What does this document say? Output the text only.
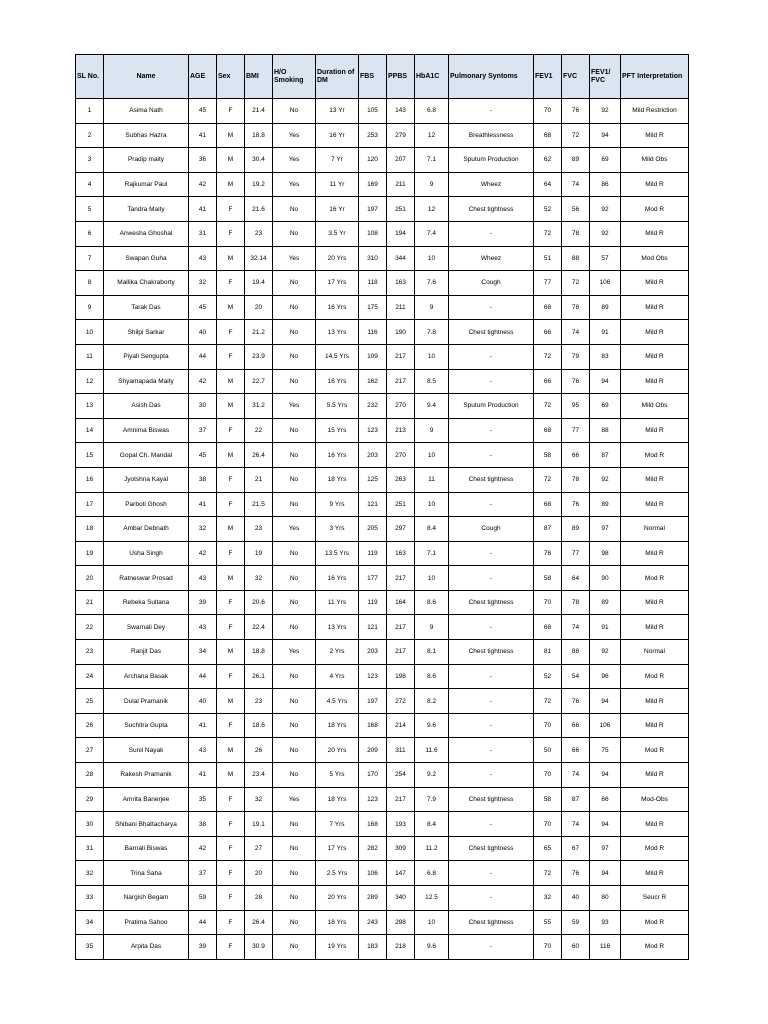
SL No.	Name	AGE	Sex	BMI	H/O Smoking	Duration of DM	FBS	PPBS	HbA1C	Pulmonary Syntoms	FEV1	FVC	FEV1/ FVC	PFT Interpretation
1	Asima Nath	45	F	21.4	No	13 Yr	105	143	6.8	-	70	76	92	Mild Restriction
2	Subhas Hazra	41	M	18.8	Yes	16 Yr	253	279	12	Breathlessness	68	72	94	Mild R
3	Pradip maity	36	M	30.4	Yes	7 Yr	120	207	7.1	Sputum Production	62	89	69	Mild Obs
4	Rajkumar Paul	42	M	19.2	Yes	11 Yr	169	211	9	Wheez	64	74	86	Mild R
5	Tandra Maity	41	F	21.6	No	16 Yr	197	251	12	Chest tightness	52	56	92	Mod R
6	Anwesha Ghoshal	31	F	23	No	3.5 Yr	108	194	7.4	-	72	78	92	Mild R
7	Swapan Guha	43	M	32.14	Yes	20 Yrs	310	344	10	Wheez	51	88	57	Mod Obs
8	Mallika Chakraborty	32	F	19.4	No	17 Yrs	118	163	7.6	Cough	77	72	106	Mild R
9	Tarak Das	45	M	20	No	16 Yrs	175	211	9	-	68	78	89	Mild R
10	Shilpi Sarkar	40	F	21.2	No	13 Yrs	116	190	7.8	Chest tightness	66	74	91	Mild R
11	Piyali Sengupta	44	F	23.9	No	14.5 Yrs	109	217	10	-	72	79	83	Mild R
12	Shyamapada Maity	42	M	22.7	No	16 Yrs	162	217	8.5	-	66	76	94	Mild R
13	Asish Das	30	M	31.2	Yes	5.5 Yrs	232	270	9.4	Sputum Production	72	95	69	Mild Obs
14	Amnima Biswas	37	F	22	No	15 Yrs	123	213	9	-	68	77	88	Mild R
15	Gopal Ch. Mandal	45	M	26.4	No	16 Yrs	203	270	10	-	58	66	87	Mod R
16	Jyotshna Kayal	38	F	21	No	18 Yrs	125	263	11	Chest tightness	72	78	92	Mild R
17	Parboti Ghosh	41	F	21.5	No	9 Yrs	121	251	10	-	68	76	89	Mild R
18	Ambar Debnath	32	M	23	Yes	3 Yrs	205	297	8.4	Cough	87	89	97	Normal
19	Usha Singh	42	F	19	No	13.5 Yrs	119	163	7.1	-	76	77	98	Mild R
20	Ratneswar Prosad	43	M	32	No	16 Yrs	177	217	10	-	58	64	90	Mod R
21	Rebeka Sultana	39	F	20.6	No	11 Yrs	119	164	8.6	Chest tightness	70	78	89	Mild R
22	Swarnali Dey	43	F	22.4	No	13 Yrs	121	217	9	-	68	74	91	Mild R
23	Ranjit Das	34	M	18.8	Yes	2 Yrs	203	217	8.1	Chest tightness	81	88	92	Normal
24	Archana Basak	44	F	26.1	No	4 Yrs	123	198	8.6	-	52	54	96	Mod R
25	Dulal Pramanik	40	M	23	No	4.5 Yrs	197	272	8.2	-	72	76	94	Mild R
26	Suchitra Gupta	41	F	18.6	No	18 Yrs	168	214	9.6	-	70	66	106	Mild R
27	Sunil Nayak	43	M	26	No	20 Yrs	209	311	11.6	-	50	66	75	Mod R
28	Rakesh Pramanik	41	M	23.4	No	5 Yrs	170	254	9.2	-	70	74	94	Mild R
29	Amrita Banerjee	35	F	32	Yes	18 Yrs	123	217	7.9	Chest tightness	58	87	66	Mod-Obs
30	Shibani Bhattacharya	38	F	19.1	No	7 Yrs	168	193	8.4	-	70	74	94	Mild R
31	Barnali Biswas	42	F	27	No	17 Yrs	282	309	11.2	Chest tightness	65	67	97	Mod R
32	Trina Saha	37	F	20	No	2.5 Yrs	106	147	6.8	-	72	76	94	Mild R
33	Nargish Begam	59	F	28	No	20 Yrs	289	340	12.5	-	32	40	80	Seucr R
34	Pratima Sahoo	44	F	26.4	No	18 Yrs	243	298	10	Chest tightness	55	59	93	Mod R
35	Arpita Das	39	F	30.9	No	19 Yrs	183	218	9.6	-	70	60	116	Mod R
